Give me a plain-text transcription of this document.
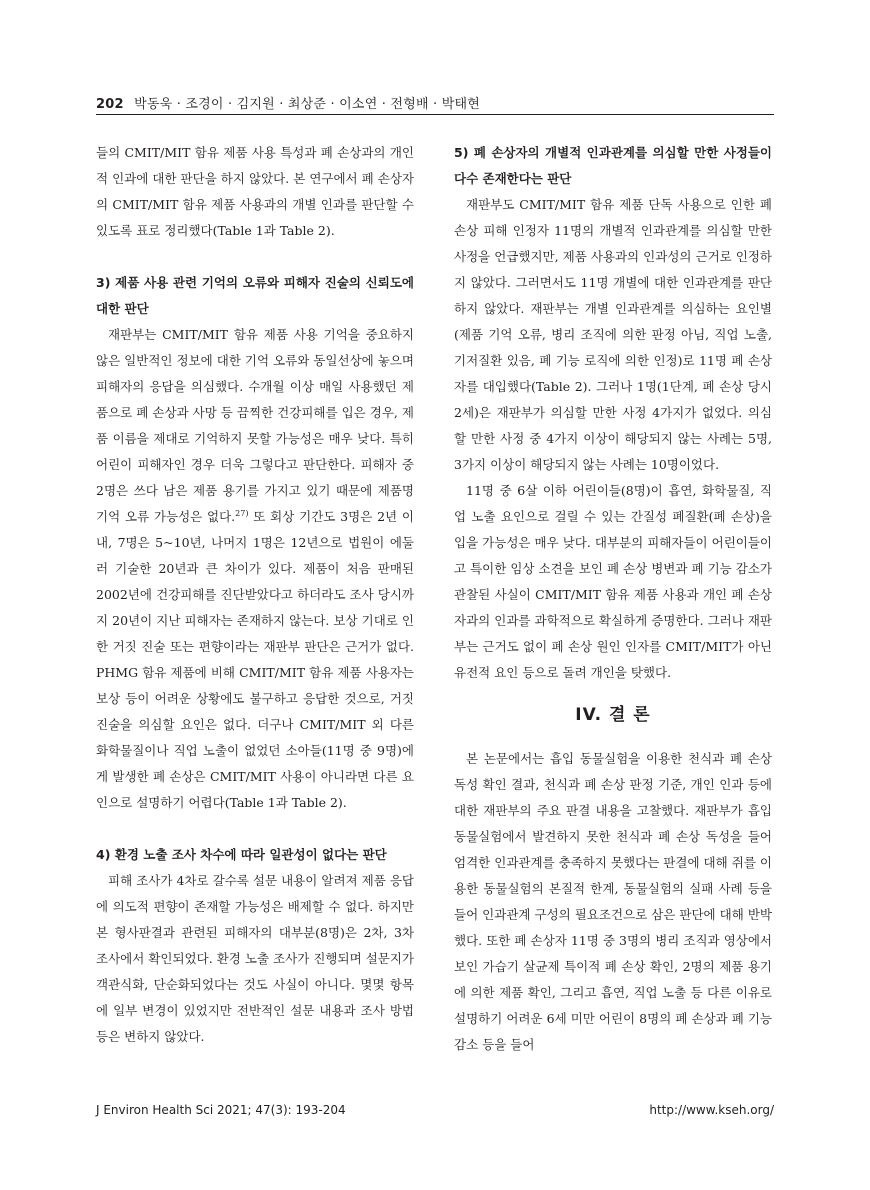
202 박동욱 · 조경이 · 김지원 · 최상준 · 이소연 · 전형배 · 박태현

들의 CMIT/MIT 함유 제품 사용 특성과 폐 손상과의 개인적 인과에 대한 판단을 하지 않았다. 본 연구에서 폐 손상자의 CMIT/MIT 함유 제품 사용과의 개별 인과를 판단할 수 있도록 표로 정리했다(Table 1과 Table 2).

3) 제품 사용 관련 기억의 오류와 피해자 진술의 신뢰도에 대한 판단

재판부는 CMIT/MIT 함유 제품 사용 기억을 중요하지 않은 일반적인 정보에 대한 기억 오류와 동일선상에 놓으며 피해자의 응답을 의심했다. 수개월 이상 매일 사용했던 제품으로 폐 손상과 사망 등 끔찍한 건강피해를 입은 경우, 제품 이름을 제대로 기억하지 못할 가능성은 매우 낮다. 특히 어린이 피해자인 경우 더욱 그렇다고 판단한다. 피해자 중 2명은 쓰다 남은 제품 용기를 가지고 있기 때문에 제품명 기억 오류 가능성은 없다.$^{27)}$ 또 회상 기간도 3명은 2년 이내, 7명은 5~10년, 나머지 1명은 12년으로 법원이 에둘러 기술한 20년과 큰 차이가 있다. 제품이 처음 판매된 2002년에 건강피해를 진단받았다고 하더라도 조사 당시까지 20년이 지난 피해자는 존재하지 않는다. 보상 기대로 인한 거짓 진술 또는 편향이라는 재판부 판단은 근거가 없다. PHMG 함유 제품에 비해 CMIT/MIT 함유 제품 사용자는 보상 등이 어려운 상황에도 불구하고 응답한 것으로, 거짓 진술을 의심할 요인은 없다. 더구나 CMIT/MIT 외 다른 화학물질이나 직업 노출이 없었던 소아들(11명 중 9명)에게 발생한 폐 손상은 CMIT/MIT 사용이 아니라면 다른 요인으로 설명하기 어렵다(Table 1과 Table 2).

4) 환경 노출 조사 차수에 따라 일관성이 없다는 판단

피해 조사가 4차로 갈수록 설문 내용이 알려져 제품 응답에 의도적 편향이 존재할 가능성은 배제할 수 없다. 하지만 본 형사판결과 관련된 피해자의 대부분(8명)은 2차, 3차 조사에서 확인되었다. 환경 노출 조사가 진행되며 설문지가 객관식화, 단순화되었다는 것도 사실이 아니다. 몇몇 항목에 일부 변경이 있었지만 전반적인 설문 내용과 조사 방법 등은 변하지 않았다.

5) 폐 손상자의 개별적 인과관계를 의심할 만한 사정들이 다수 존재한다는 판단

재판부도 CMIT/MIT 함유 제품 단독 사용으로 인한 폐 손상 피해 인정자 11명의 개별적 인과관계를 의심할 만한 사정을 언급했지만, 제품 사용과의 인과성의 근거로 인정하지 않았다. 그러면서도 11명 개별에 대한 인과관계를 판단하지 않았다. 재판부는 개별 인과관계를 의심하는 요인별(제품 기억 오류, 병리 조직에 의한 판정 아님, 직업 노출, 기저질환 있음, 폐 기능 로직에 의한 인정)로 11명 폐 손상자를 대입했다(Table 2). 그러나 1명(1단계, 폐 손상 당시 2세)은 재판부가 의심할 만한 사정 4가지가 없었다. 의심할 만한 사정 중 4가지 이상이 해당되지 않는 사례는 5명, 3가지 이상이 해당되지 않는 사례는 10명이었다.

11명 중 6살 이하 어린이들(8명)이 흡연, 화학물질, 직업 노출 요인으로 걸릴 수 있는 간질성 폐질환(폐 손상)을 입을 가능성은 매우 낮다. 대부분의 피해자들이 어린이들이고 특이한 임상 소견을 보인 폐 손상 병변과 폐 기능 감소가 관찰된 사실이 CMIT/MIT 함유 제품 사용과 개인 폐 손상자과의 인과를 과학적으로 확실하게 증명한다. 그러나 재판부는 근거도 없이 폐 손상 원인 인자를 CMIT/MIT가 아닌 유전적 요인 등으로 돌려 개인을 탓했다.

IV. 결 론

본 논문에서는 흡입 동물실험을 이용한 천식과 폐 손상 독성 확인 결과, 천식과 폐 손상 판정 기준, 개인 인과 등에 대한 재판부의 주요 판결 내용을 고찰했다. 재판부가 흡입 동물실험에서 발견하지 못한 천식과 폐 손상 독성을 들어 엄격한 인과관계를 충족하지 못했다는 판결에 대해 쥐를 이용한 동물실험의 본질적 한계, 동물실험의 실패 사례 등을 들어 인과관계 구성의 필요조건으로 삼은 판단에 대해 반박했다. 또한 폐 손상자 11명 중 3명의 병리 조직과 영상에서 보인 가습기 살균제 특이적 폐 손상 확인, 2명의 제품 용기에 의한 제품 확인, 그리고 흡연, 직업 노출 등 다른 이유로 설명하기 어려운 6세 미만 어린이 8명의 폐 손상과 폐 기능 감소 등을 들어

J Environ Health Sci 2021; 47(3): 193-204	http://www.kseh.org/
